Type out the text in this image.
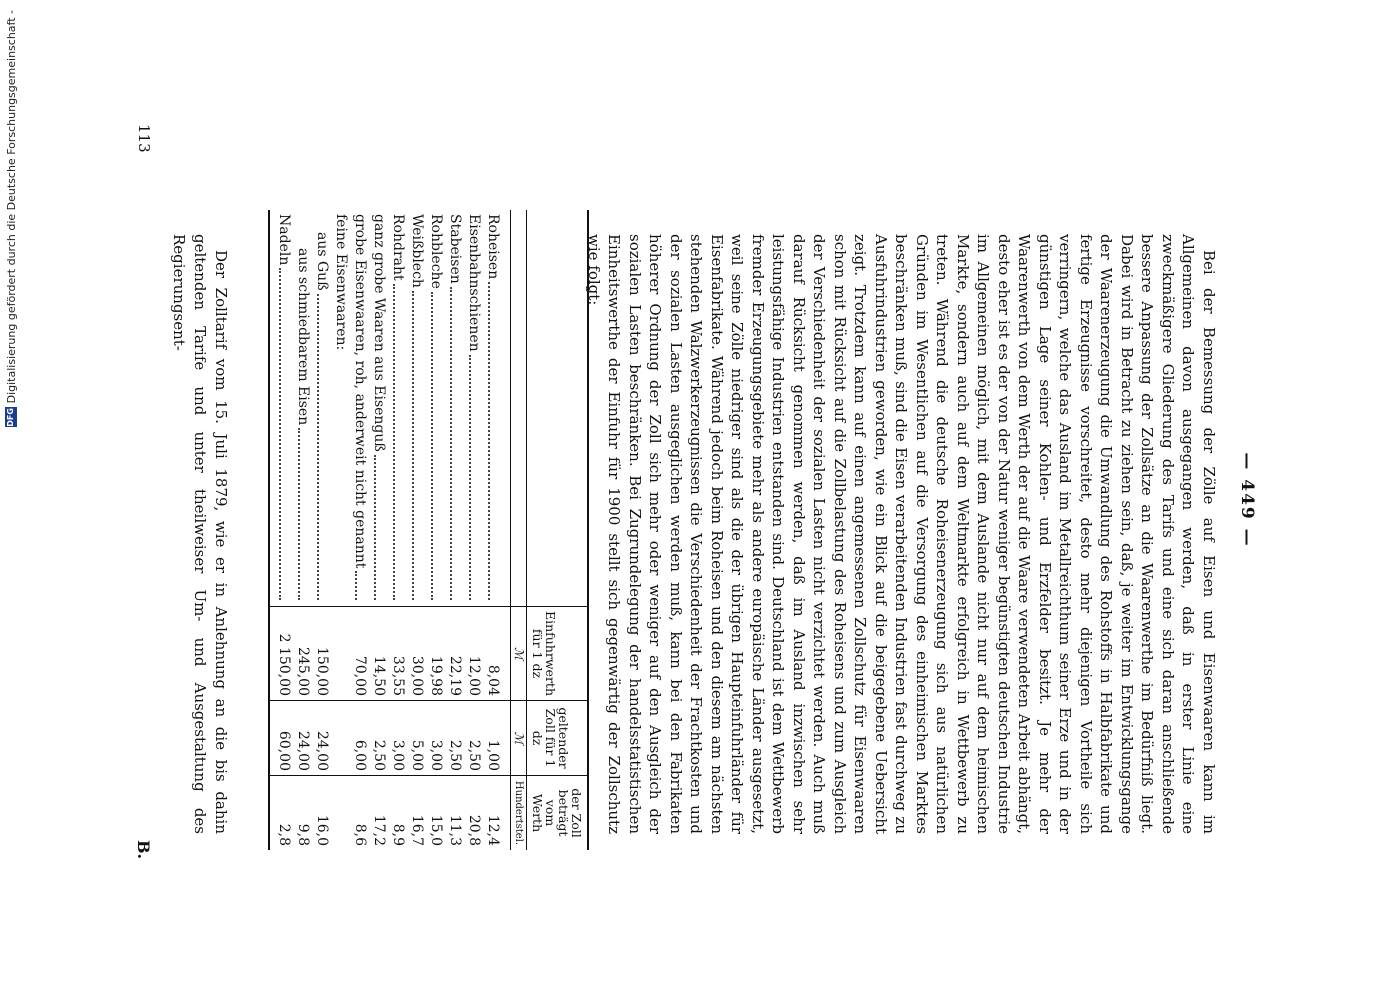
— 449 —

Bei der Bemessung der Zölle auf Eisen und Eisenwaaren kann im Allgemeinen davon ausgegangen werden, daß in erster Linie eine zweckmäßigere Gliederung des Tarifs und eine sich daran anschließende bessere Anpassung der Zollsätze an die Waarenwerthe im Bedürfniß liegt. Dabei wird in Betracht zu ziehen sein, daß, je weiter im Entwicklungsgange der Waarenerzeugung die Umwandlung des Rohstoffs in Halbfabrikate und fertige Erzeugnisse vorschreitet, desto mehr diejenigen Vortheile sich verringern, welche das Ausland im Metallreichthum seiner Erze und in der günstigen Lage seiner Kohlen- und Erzfelder besitzt. Je mehr der Waarenwerth von dem Werth der auf die Waare verwendeten Arbeit abhängt, desto eher ist es der von der Natur weniger begünstigten deutschen Industrie im Allgemeinen möglich, mit dem Auslande nicht nur auf dem heimischen Markte, sondern auch auf dem Weltmarkte erfolgreich in Wettbewerb zu treten. Während die deutsche Roheisenerzeugung sich aus natürlichen Gründen im Wesentlichen auf die Versorgung des einheimischen Marktes beschränken muß, sind die Eisen verarbeitenden Industrien fast durchweg zu Ausfuhrindustrien geworden, wie ein Blick auf die beigegebene Uebersicht zeigt. Trotzdem kann auf einen angemessenen Zollschutz für Eisenwaaren schon mit Rücksicht auf die Zollbelastung des Roheisens und zum Ausgleich der Verschiedenheit der sozialen Lasten nicht verzichtet werden. Auch muß darauf Rücksicht genommen werden, daß im Ausland inzwischen sehr leistungsfähige Industrien entstanden sind. Deutschland ist dem Wettbewerb fremder Erzeugungsgebiete mehr als andere europäische Länder ausgesetzt, weil seine Zölle niedriger sind als die der übrigen Haupteinfuhrländer für Eisenfabrikate. Während jedoch beim Roheisen und den diesem am nächsten stehenden Walzwerkerzeugnissen die Verschiedenheit der Frachtkosten und der sozialen Lasten ausgeglichen werden muß, kann bei den Fabrikaten höherer Ordnung der Zoll sich mehr oder weniger auf den Ausgleich der sozialen Lasten beschränken. Bei Zugrundelegung der handelsstatistischen Einheitswerthe der Einfuhr für 1900 stellt sich gegenwärtig der Zollschutz wie folgt:

	Einfuhrwerth für 1 dz	geltender Zoll für 1 dz	der Zoll beträgt vom Werth
	ℳ	ℳ	Hundertstel.

Roheisen	8,04	1,00	12,4

Eisenbahnschienen	12,00	2,50	20,8

Stabeisen	22,19	2,50	11,3

Rohbleche	19,98	3,00	15,0

Weißblech	30,00	5,00	16,7

Rohdraht	33,55	3,00	8,9

ganz grobe Waaren aus Eisenguß	14,50	2,50	17,2

grobe Eisenwaaren, roh, anderweit nicht genannt	70,00	6,00	8,6

feine Eisenwaaren:			

aus Guß	150,00	24,00	16,0

aus schmiedbarem Eisen	245,00	24,00	9,8

Nadeln	2 150,00	60,00	2,8

Der Zolltarif vom 15. Juli 1879, wie er in Anlehnung an die bis dahin geltenden Tarife und unter theilweiser Um- und Ausgestaltung des Regierungsent-

B.
113
DFG
Digitalisierung gefördert durch die Deutsche Forschungsgemeinschaft -
